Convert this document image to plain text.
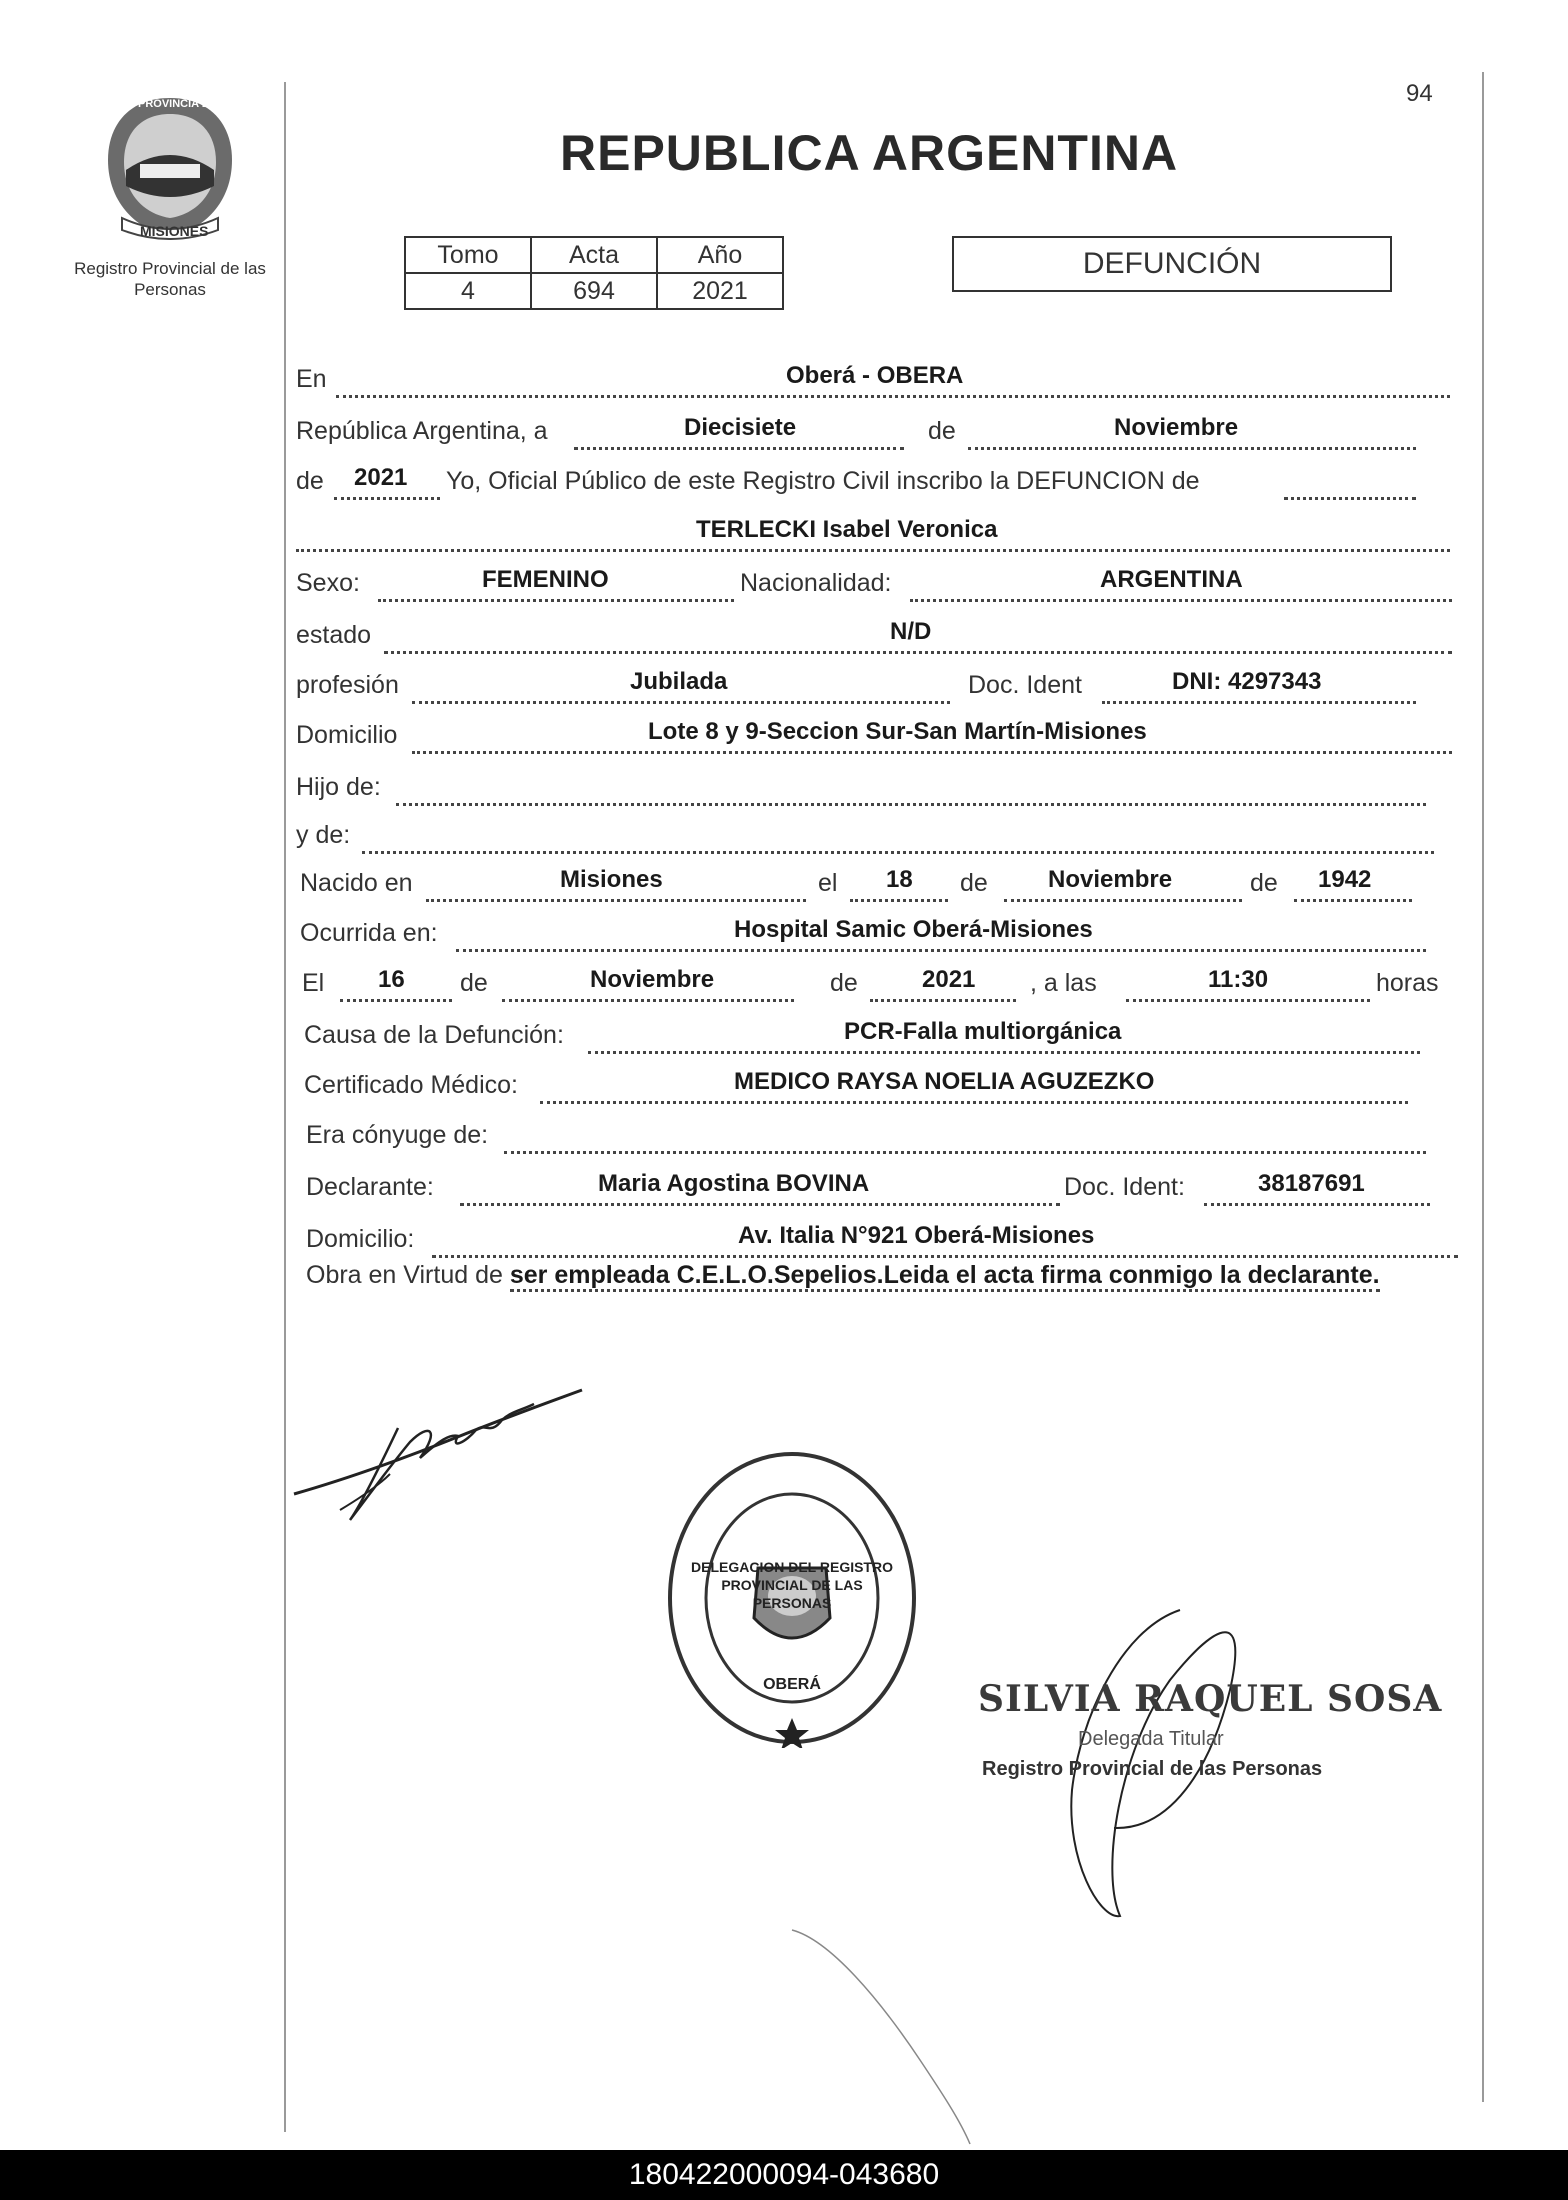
PROVINCIA DE
MISIONES
Registro Provincial de las Personas
94
REPUBLICA ARGENTINA
Tomo	Acta	Año
4	694	2021
DEFUNCIÓN
En	Oberá - OBERA
República Argentina, a	Diecisiete	de	Noviembre
de 2021 Yo, Oficial Público de este Registro Civil inscribo la DEFUNCION de
TERLECKI Isabel Veronica
Sexo:	FEMENINO	Nacionalidad:	ARGENTINA
estado	N/D
profesión	Jubilada	Doc. Ident	DNI: 4297343
Domicilio	Lote 8 y 9-Seccion Sur-San Martín-Misiones
Hijo de:
y de:
Nacido en	Misiones	el 18 de	Noviembre	de 1942
Ocurrida en:	Hospital Samic Oberá-Misiones
El 16 de	Noviembre	de	2021 , a las	11:30	horas
Causa de la Defunción:	PCR-Falla multiorgánica
Certificado Médico:	MEDICO RAYSA NOELIA AGUZEZKO
Era cónyuge de:
Declarante:	Maria Agostina BOVINA	Doc. Ident:	38187691
Domicilio:	Av. Italia N°921 Oberá-Misiones
Obra en Virtud de ser empleada C.E.L.O.Sepelios.Leida el acta firma conmigo la declarante.
DELEGACION DEL REGISTRO PROVINCIAL DE LAS PERSONAS
OBERÁ	SILVIA RAQUEL SOSA
Delegada Titular
Registro Provincial de las Personas
180422000094-043680
